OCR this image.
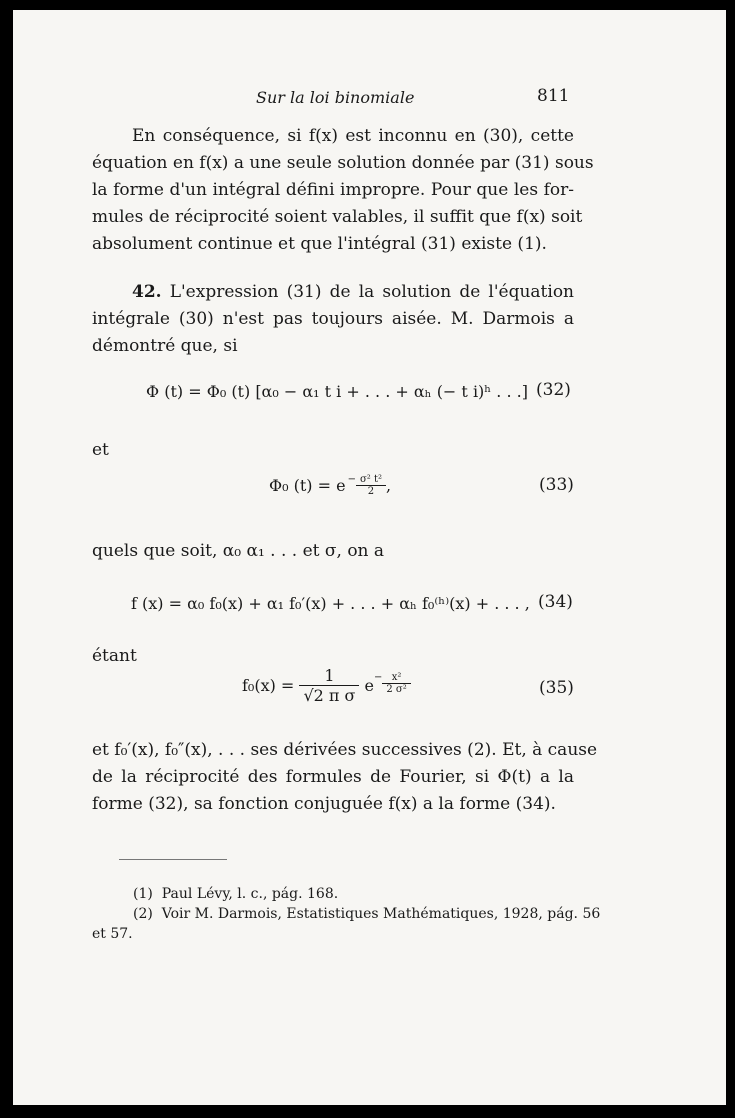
Sur la loi binomiale	811
En conséquence, si f(x) est inconnu en (30), cette
équation en f(x) a une seule solution donnée par (31) sous
la forme d'un intégral défini impropre. Pour que les for-
mules de réciprocité soient valables, il suffit que f(x) soit
absolument continue et que l'intégral (31) existe (1).
42. L'expression (31) de la solution de l'équation
intégrale (30) n'est pas toujours aisée. M. Darmois a
démontré que, si
Φ (t) = Φ₀ (t) [α₀ − α₁ t i + . . . + αₕ (− t i)ʰ . . .] (32)
et
Φ₀ (t) = e $^- \frac{\text{σ² t²}}{2}$ ,	(33)
quels que soit, α₀ α₁ . . . et σ, on a
f (x) = α₀ f₀(x) + α₁ f₀′(x) + . . . + αₕ f₀⁽ʰ⁾(x) + . . . , (34)
étant
$f_0(x) = \frac{1}{\text{√2 π σ}} e^- \frac{\text{x²}}{\text{2 σ²}}$	(35)
et f₀′(x), f₀″(x), . . . ses dérivées successives (2). Et, à cause
de la réciprocité des formules de Fourier, si Φ(t) a la
forme (32), sa fonction conjuguée f(x) a la forme (34).
(1) Paul Lévy, l. c., pág. 168.
(2) Voir M. Darmois, Estatistiques Mathématiques, 1928, pág. 56
et 57.
